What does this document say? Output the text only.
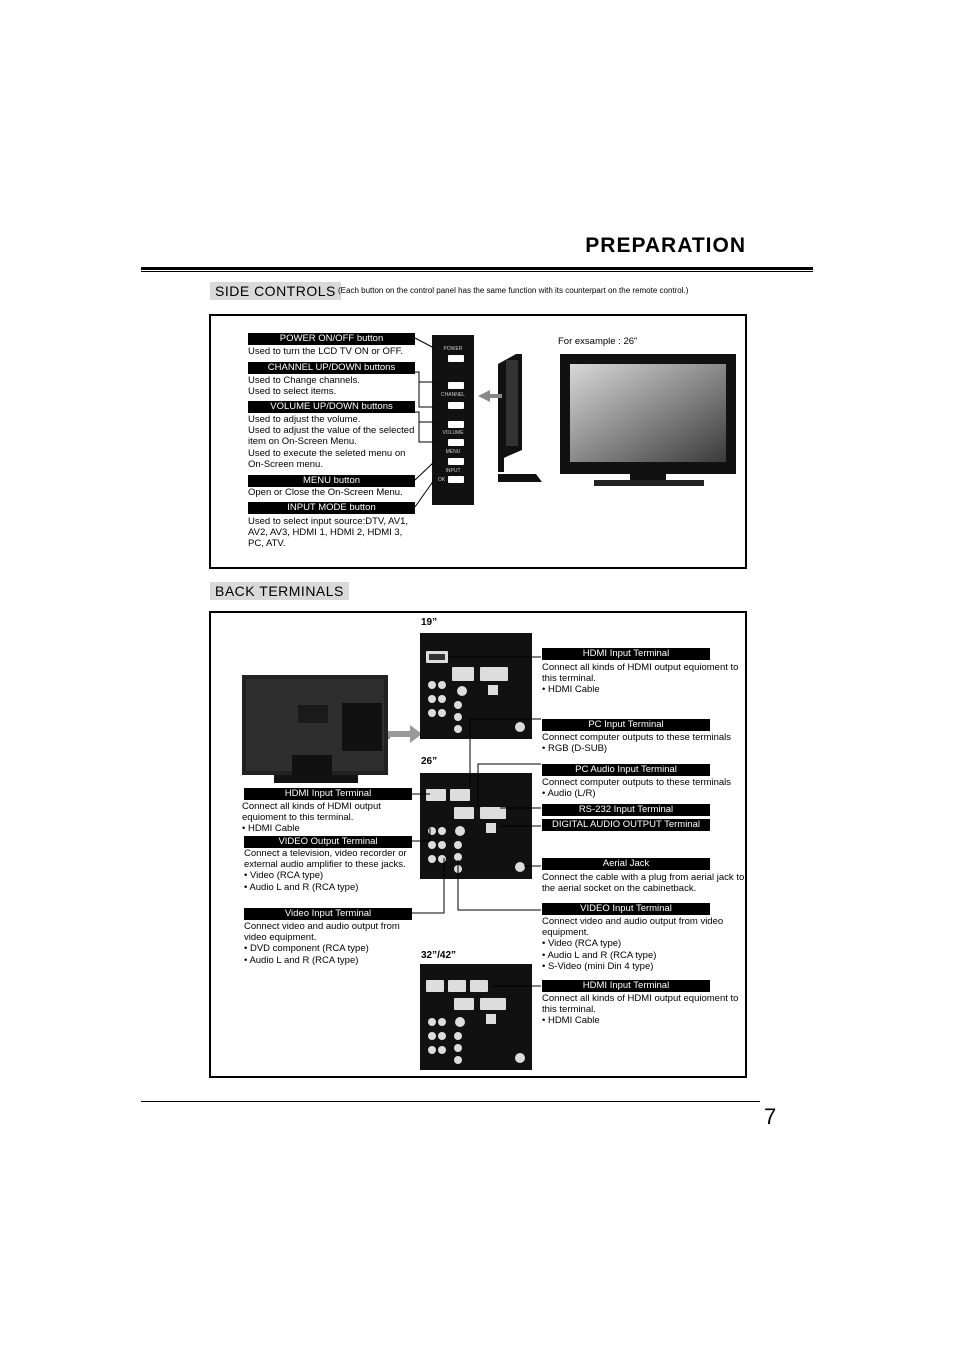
PREPARATION
SIDE CONTROLS (Each button on the control panel has the same function with its counterpart on the remote control.)
POWER ON/OFF button
Used to turn the LCD TV ON or OFF.
CHANNEL UP/DOWN buttons
Used to Change channels.
Used to select items.
VOLUME UP/DOWN buttons
Used to adjust the volume.
Used to adjust the value of the selected item on On-Screen Menu.
Used to execute the seleted menu on On-Screen menu.
MENU button
Open or Close the On-Screen Menu.
INPUT MODE button
Used to select input source:DTV, AV1, AV2, AV3, HDMI 1, HDMI 2, HDMI 3, PC, ATV.
POWER
CHANNEL
VOLUME
MENU
INPUT
OK
For exsample : 26"
BACK TERMINALS
19”
26”
32”/42”
HDMI Input Terminal
Connect all kinds of HDMI output equioment to this terminal.
• HDMI Cable
VIDEO Output Terminal
Connect a television, video recorder or external audio amplifier to these jacks.
• Video (RCA type)
• Audio L and R (RCA type)
Video Input Terminal
Connect video and audio output from video equipment.
• DVD component (RCA type)
• Audio L and R (RCA type)
HDMI Input Terminal
Connect all kinds of HDMI output equioment to this terminal.
• HDMI Cable
PC Input Terminal
Connect computer outputs to these terminals
• RGB (D-SUB)
PC Audio Input Terminal
Connect computer outputs to these terminals
• Audio (L/R)
RS-232 Input Terminal
DIGITAL AUDIO OUTPUT Terminal
Aerial Jack
Connect the cable with a plug from aerial jack to the aerial socket on the cabinetback.
VIDEO Input Terminal
Connect video and audio output from video equipment.
• Video (RCA type)
• Audio L and R (RCA type)
• S-Video (mini Din 4 type)
HDMI Input Terminal
Connect all kinds of HDMI output equioment to this terminal.
• HDMI Cable
7
